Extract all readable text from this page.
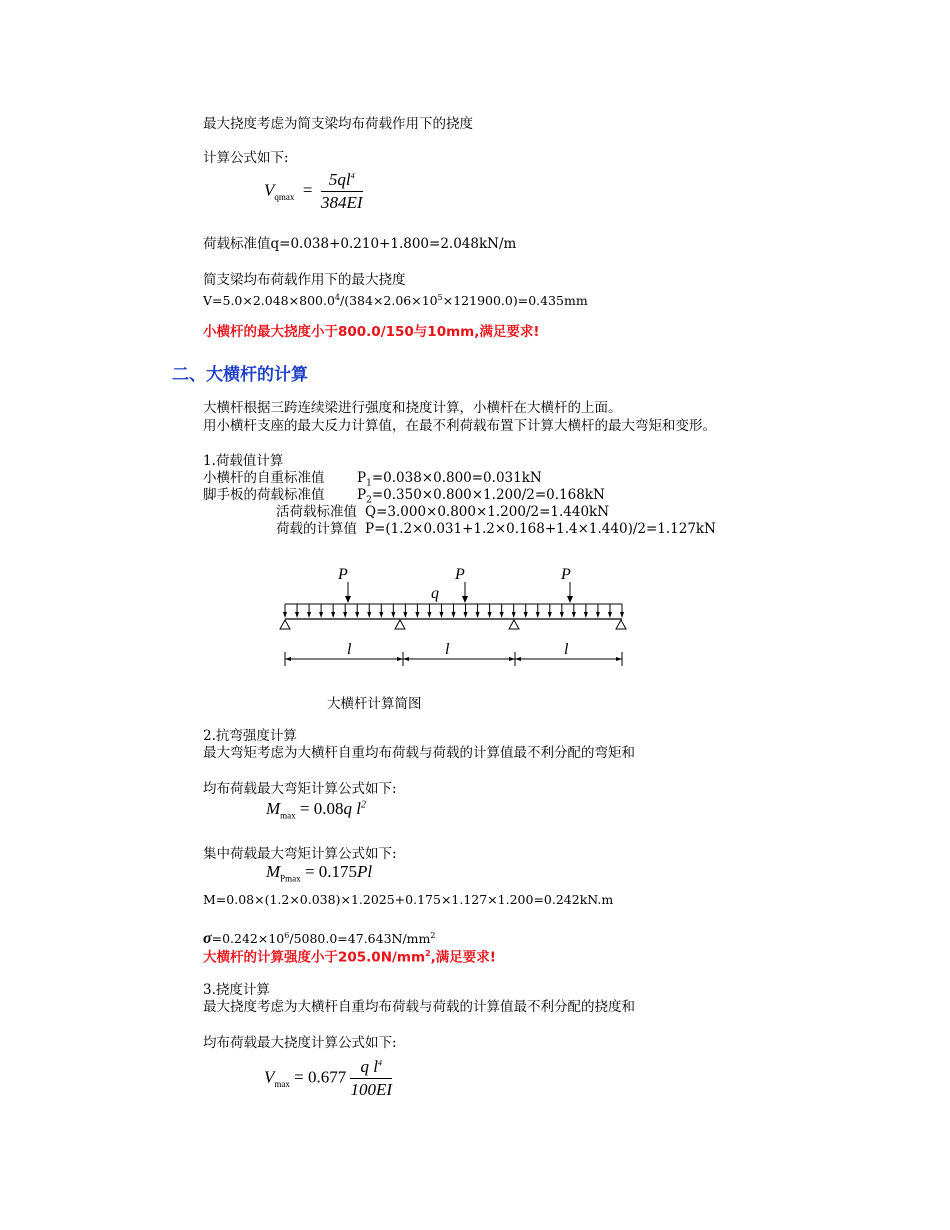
最大挠度考虑为简支梁均布荷载作用下的挠度
计算公式如下:
$V_{qmax} = \frac{5ql^4}{384EI}$
荷载标准值q=0.038+0.210+1.800=2.048kN/m
简支梁均布荷载作用下的最大挠度
$V=5.0\times 2.048\times 800.0^4/(384\times 2.06\times 10^5\times 121900.0)=0.435mm$
小横杆的最大挠度小于800.0/150与10mm,满足要求!
二、大横杆的计算
大横杆根据三跨连续梁进行强度和挠度计算，小横杆在大横杆的上面。
用小横杆支座的最大反力计算值，在最不利荷载布置下计算大横杆的最大弯矩和变形。
1.荷载值计算
小横杆的自重标准值 $P_1=0.038\times 0.800=0.031kN$
脚手板的荷载标准值 $P_2=0.350\times 0.800\times 1.200/2=0.168kN$
活荷载标准值 Q=3.000×0.800×1.200/2=1.440kN
荷载的计算值 P=(1.2×0.031+1.2×0.168+1.4×1.440)/2=1.127kN
P	P	P
q
l	l	l
大横杆计算简图
2.抗弯强度计算
最大弯矩考虑为大横杆自重均布荷载与荷载的计算值最不利分配的弯矩和
均布荷载最大弯矩计算公式如下:
$M_{max} = 0.08q$ $l^2$
集中荷载最大弯矩计算公式如下:
$M_{Pmax} = 0.175Pl$
M=0.08×(1.2×0.038)×1.2025+0.175×1.127×1.200=0.242kN.m
$\sigma=0.242\times 10^6/5080.0=47.643N/mm^2$
大横杆的计算强度小于$205.0N/mm^2$,满足要求!
3.挠度计算
最大挠度考虑为大横杆自重均布荷载与荷载的计算值最不利分配的挠度和
均布荷载最大挠度计算公式如下:
$V_{max} = 0.677 \frac{q l^4}{100EI}$
